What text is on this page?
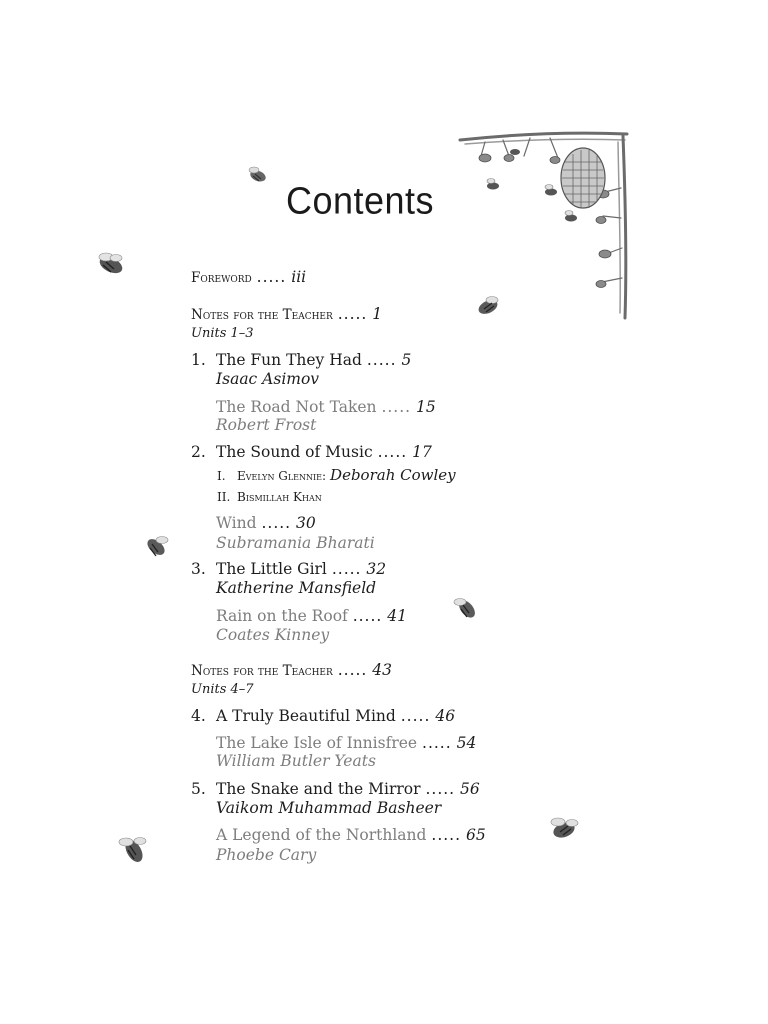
Contents
Foreword ..... iii
Notes for the Teacher ..... 1
Units 1–3
1. The Fun They Had ..... 5
Isaac Asimov
The Road Not Taken ..... 15
Robert Frost
2. The Sound of Music ..... 17
I. Evelyn Glennie: Deborah Cowley
II. Bismillah Khan
Wind ..... 30
Subramania Bharati
3. The Little Girl ..... 32
Katherine Mansfield
Rain on the Roof ..... 41
Coates Kinney
Notes for the Teacher ..... 43
Units 4–7
4. A Truly Beautiful Mind ..... 46
The Lake Isle of Innisfree ..... 54
William Butler Yeats
5. The Snake and the Mirror ..... 56
Vaikom Muhammad Basheer
A Legend of the Northland ..... 65
Phoebe Cary
